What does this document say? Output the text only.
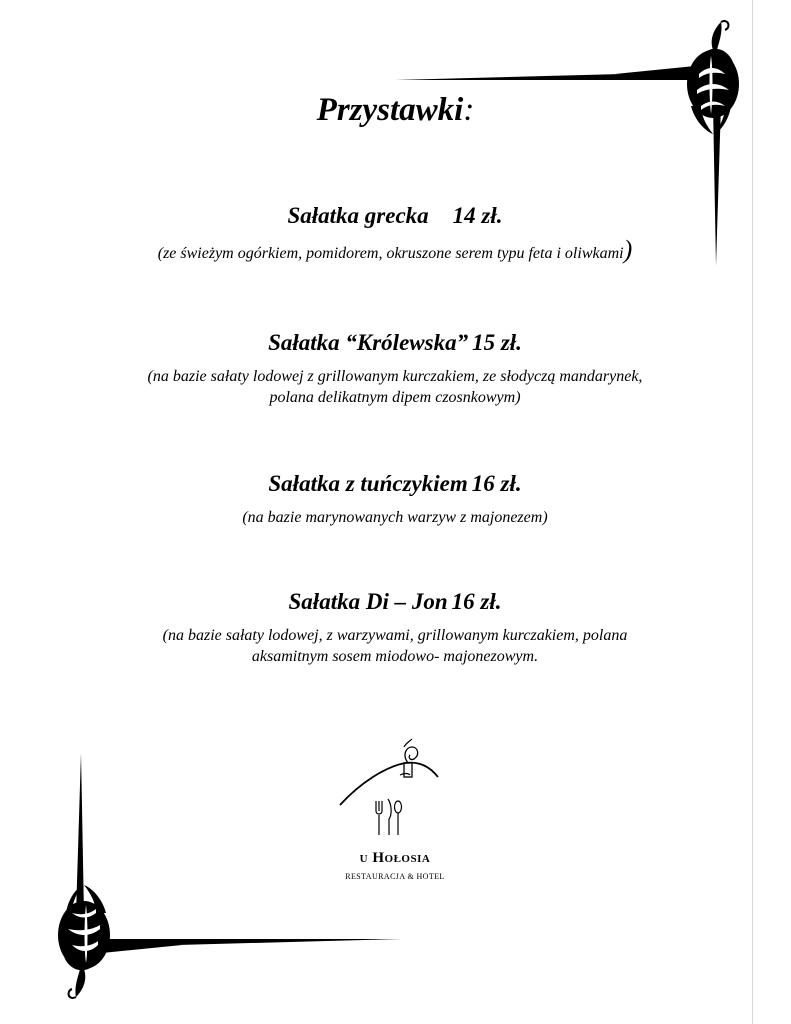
Przystawki:
Sałatka grecka 14 zł.
(ze świeżym ogórkiem, pomidorem, okruszone serem typu feta i oliwkami)
Sałatka “Królewska” 15 zł.
(na bazie sałaty lodowej z grillowanym kurczakiem, ze słodyczą mandarynek,
polana delikatnym dipem czosnkowym)
Sałatka z tuńczykiem 16 zł.
(na bazie marynowanych warzyw z majonezem)
Sałatka Di – Jon 16 zł.
(na bazie sałaty lodowej, z warzywami, grillowanym kurczakiem, polana
aksamitnym sosem miodowo- majonezowym.
u Hołosia
RESTAURACJA & HOTEL
